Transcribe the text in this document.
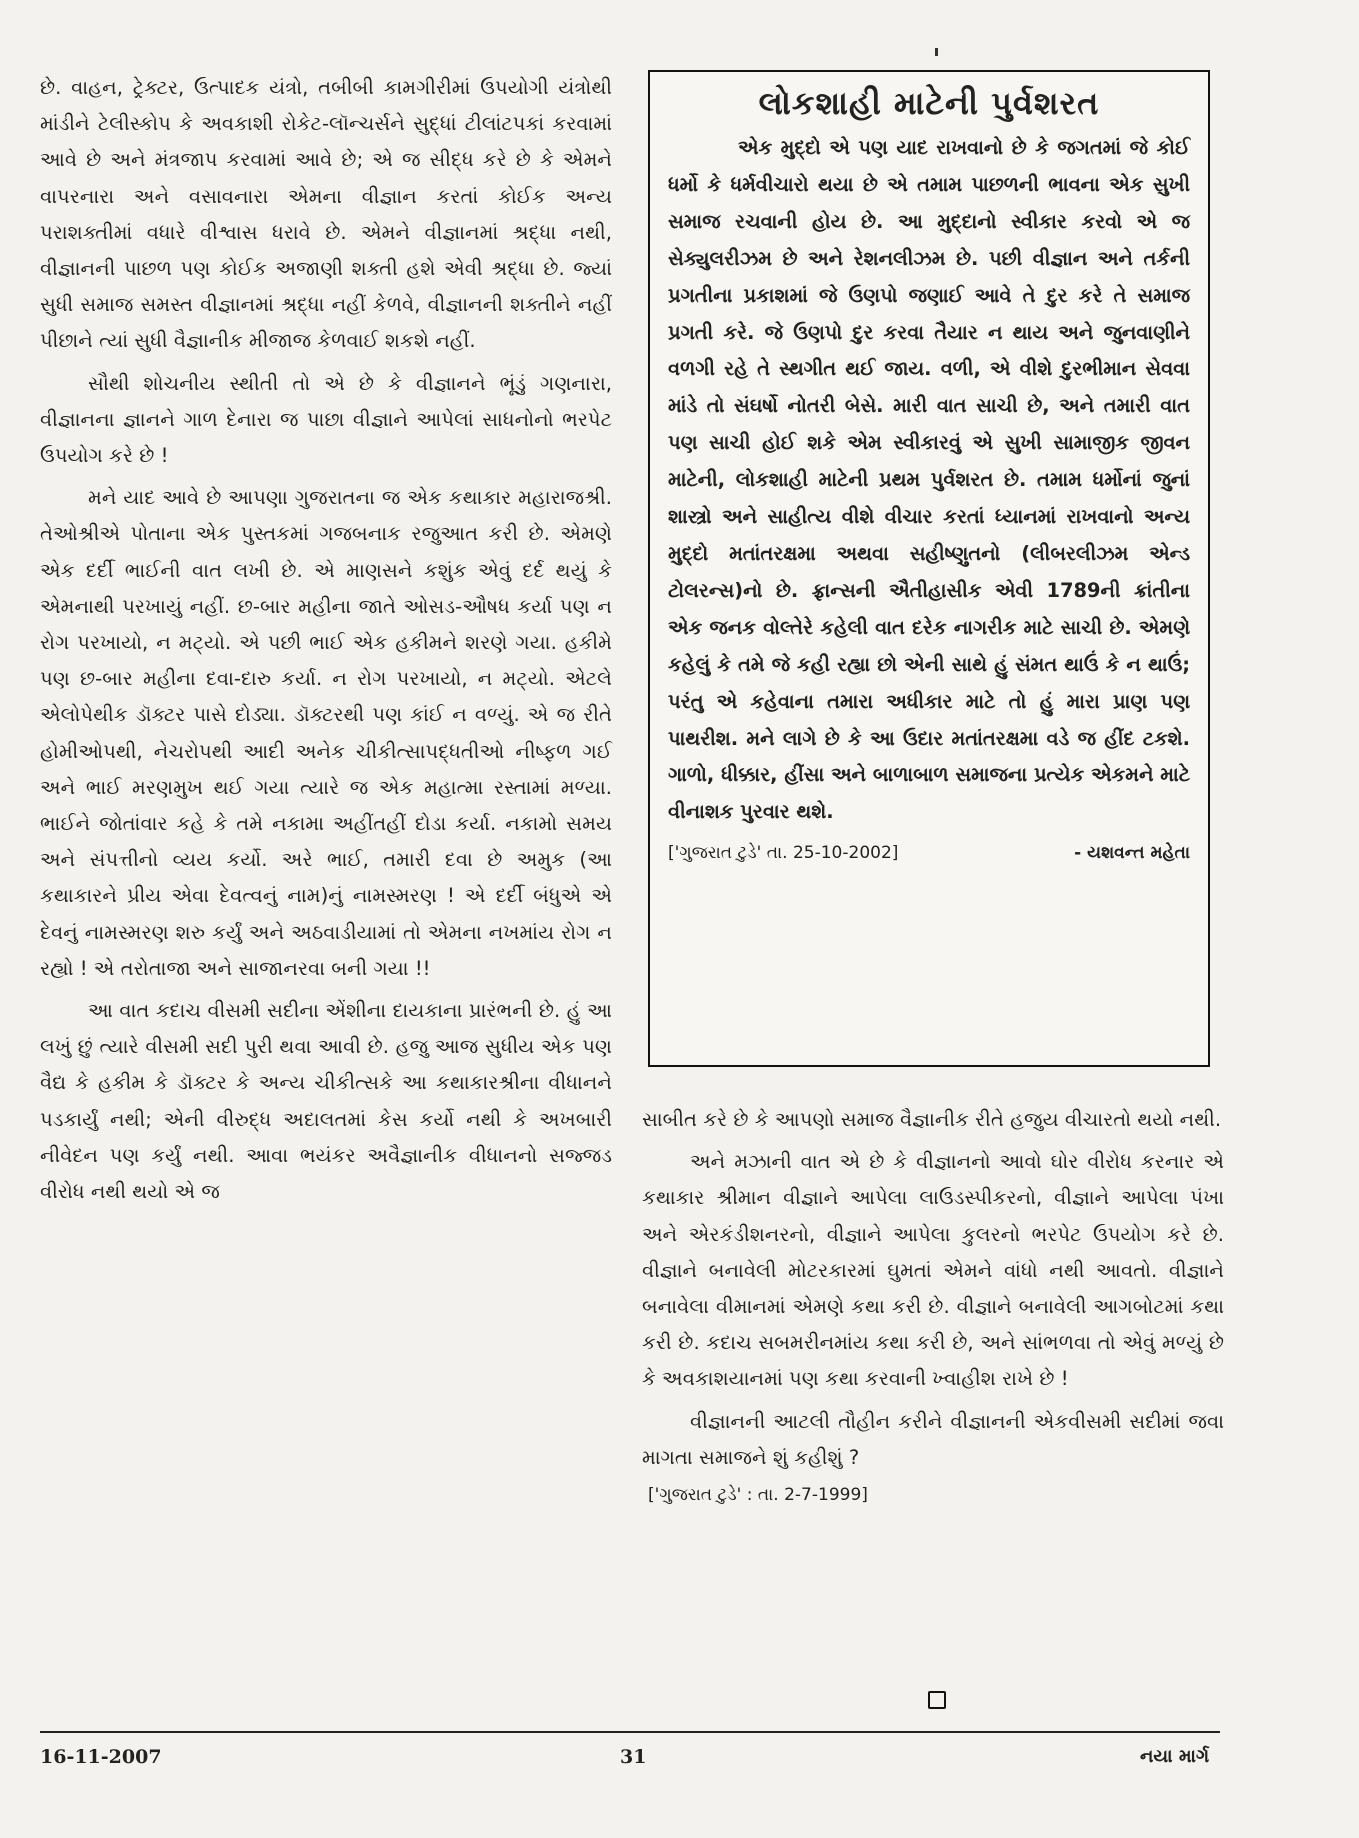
છે. વાહન, ટ્રેક્ટર, ઉત્પાદક યંત્રો, તબીબી કામગીરીમાં ઉપયોગી યંત્રોથી માંડીને ટેલીસ્કોપ કે અવકાશી રોકેટ-લૉન્ચર્સને સુદ્ધાં ટીલાંટપકાં કરવામાં આવે છે અને મંત્રજાપ કરવામાં આવે છે; એ જ સીદ્ધ કરે છે કે એમને વાપરનારા અને વસાવનારા એમના વીજ્ઞાન કરતાં કોઈક અન્ય પરાશક્તીમાં વધારે વીશ્વાસ ધરાવે છે. એમને વીજ્ઞાનમાં શ્રદ્ધા નથી, વીજ્ઞાનની પાછળ પણ કોઈક અજાણી શક્તી હશે એવી શ્રદ્ધા છે. જ્યાં સુધી સમાજ સમસ્ત વીજ્ઞાનમાં શ્રદ્ધા નહીં કેળવે, વીજ્ઞાનની શક્તીને નહીં પીછાને ત્યાં સુધી વૈજ્ઞાનીક મીજાજ કેળવાઈ શકશે નહીં.

સૌથી શોચનીય સ્થીતી તો એ છે કે વીજ્ઞાનને ભૂંડું ગણનારા, વીજ્ઞાનના જ્ઞાનને ગાળ દેનારા જ પાછા વીજ્ઞાને આપેલાં સાધનોનો ભરપેટ ઉપયોગ કરે છે !

મને યાદ આવે છે આપણા ગુજરાતના જ એક કથાકાર મહારાજશ્રી. તેઓશ્રીએ પોતાના એક પુસ્તકમાં ગજબનાક રજુઆત કરી છે. એમણે એક દર્દી ભાઈની વાત લખી છે. એ માણસને કશુંક એવું દર્દ થયું કે એમનાથી પરખાયું નહીં. છ-બાર મહીના જાતે ઓસડ-ઔષધ કર્યા પણ ન રોગ પરખાયો, ન મટ્યો. એ પછી ભાઈ એક હકીમને શરણે ગયા. હકીમે પણ છ-બાર મહીના દવા-દારુ કર્યા. ન રોગ પરખાયો, ન મટ્યો. એટલે એલોપેથીક ડૉક્ટર પાસે દોડ્યા. ડૉક્ટરથી પણ કાંઈ ન વળ્યું. એ જ રીતે હોમીઓપથી, નેચરોપથી આદી અનેક ચીકીત્સાપદ્ધતીઓ નીષ્ફળ ગઈ અને ભાઈ મરણમુખ થઈ ગયા ત્યારે જ એક મહાત્મા રસ્તામાં મળ્યા. ભાઈને જોતાંવાર કહે કે તમે નકામા અહીંતહીં દોડા કર્યા. નકામો સમય અને સંપત્તીનો વ્યય કર્યો. અરે ભાઈ, તમારી દવા છે અમુક (આ કથાકારને પ્રીય એવા દેવત્વનું નામ)નું નામસ્મરણ ! એ દર્દી બંધુએ એ દેવનું નામસ્મરણ શરુ કર્યું અને અઠવાડીયામાં તો એમના નખમાંય રોગ ન રહ્યો ! એ તરોતાજા અને સાજાનરવા બની ગયા !!

આ વાત કદાચ વીસમી સદીના એંશીના દાયકાના પ્રારંભની છે. હું આ લખું છું ત્યારે વીસમી સદી પુરી થવા આવી છે. હજુ આજ સુધીય એક પણ વૈદ્ય કે હકીમ કે ડૉક્ટર કે અન્ય ચીકીત્સકે આ કથાકારશ્રીના વીધાનને પડકાર્યું નથી; એની વીરુદ્ધ અદાલતમાં કેસ કર્યો નથી કે અખબારી નીવેદન પણ કર્યું નથી. આવા ભયંકર અવૈજ્ઞાનીક વીધાનનો સજ્જડ વીરોધ નથી થયો એ જ

લોકશાહી માટેની પુર્વશરત

એક મુદ્દો એ પણ યાદ રાખવાનો છે કે જગતમાં જે કોઈ ધર્મો કે ધર્મવીચારો થયા છે એ તમામ પાછળની ભાવના એક સુખી સમાજ રચવાની હોય છે. આ મુદ્દાનો સ્વીકાર કરવો એ જ સેક્યુલરીઝમ છે અને રેશનલીઝમ છે. પછી વીજ્ઞાન અને તર્કની પ્રગતીના પ્રકાશમાં જે ઉણપો જણાઈ આવે તે દુર કરે તે સમાજ પ્રગતી કરે. જે ઉણપો દુર કરવા તૈયાર ન થાય અને જુનવાણીને વળગી રહે તે સ્થગીત થઈ જાય. વળી, એ વીશે દુરભીમાન સેવવા માંડે તો સંઘર્ષો નોતરી બેસે. મારી વાત સાચી છે, અને તમારી વાત પણ સાચી હોઈ શકે એમ સ્વીકારવું એ સુખી સામાજીક જીવન માટેની, લોકશાહી માટેની પ્રથમ પુર્વશરત છે. તમામ ધર્મોનાં જુનાં શાસ્ત્રો અને સાહીત્ય વીશે વીચાર કરતાં ધ્યાનમાં રાખવાનો અન્ય મુદ્દો મતાંતરક્ષમા અથવા સહીષ્ણુતનો (લીબરલીઝમ એન્ડ ટોલરન્સ)નો છે. ફ્રાન્સની ઐતીહાસીક એવી 1789ની ક્રાંતીના એક જનક વોલ્તેરે કહેલી વાત દરેક નાગરીક માટે સાચી છે. એમણે કહેલું કે તમે જે કહી રહ્યા છો એની સાથે હું સંમત થાઉં કે ન થાઉં; પરંતુ એ કહેવાના તમારા અધીકાર માટે તો હું મારા પ્રાણ પણ પાથરીશ. મને લાગે છે કે આ ઉદાર મતાંતરક્ષમા વડે જ હીંદ ટકશે. ગાળો, ધીક્કાર, હીંસા અને બાળાબાળ સમાજના પ્રત્યેક એકમને માટે વીનાશક પુરવાર થશે.

['ગુજરાત ટુડે' તા. 25-10-2002]	- યશવન્ત મહેતા

સાબીત કરે છે કે આપણો સમાજ વૈજ્ઞાનીક રીતે હજુય વીચારતો થયો નથી.

અને મઝાની વાત એ છે કે વીજ્ઞાનનો આવો ઘોર વીરોધ કરનાર એ કથાકાર શ્રીમાન વીજ્ઞાને આપેલા લાઉડસ્પીકરનો, વીજ્ઞાને આપેલા પંખા અને એરકંડીશનરનો, વીજ્ઞાને આપેલા કુલરનો ભરપેટ ઉપયોગ કરે છે. વીજ્ઞાને બનાવેલી મોટરકારમાં ઘુમતાં એમને વાંધો નથી આવતો. વીજ્ઞાને બનાવેલા વીમાનમાં એમણે કથા કરી છે. વીજ્ઞાને બનાવેલી આગબોટમાં કથા કરી છે. કદાચ સબમરીનમાંય કથા કરી છે, અને સાંભળવા તો એવું મળ્યું છે કે અવકાશયાનમાં પણ કથા કરવાની ખ્વાહીશ રાખે છે !

વીજ્ઞાનની આટલી તૌહીન કરીને વીજ્ઞાનની એકવીસમી સદીમાં જવા માગતા સમાજને શું કહીશું ?

['ગુજરાત ટુડે' : તા. 2-7-1999]
16-11-2007	31	નયા માર્ગ
